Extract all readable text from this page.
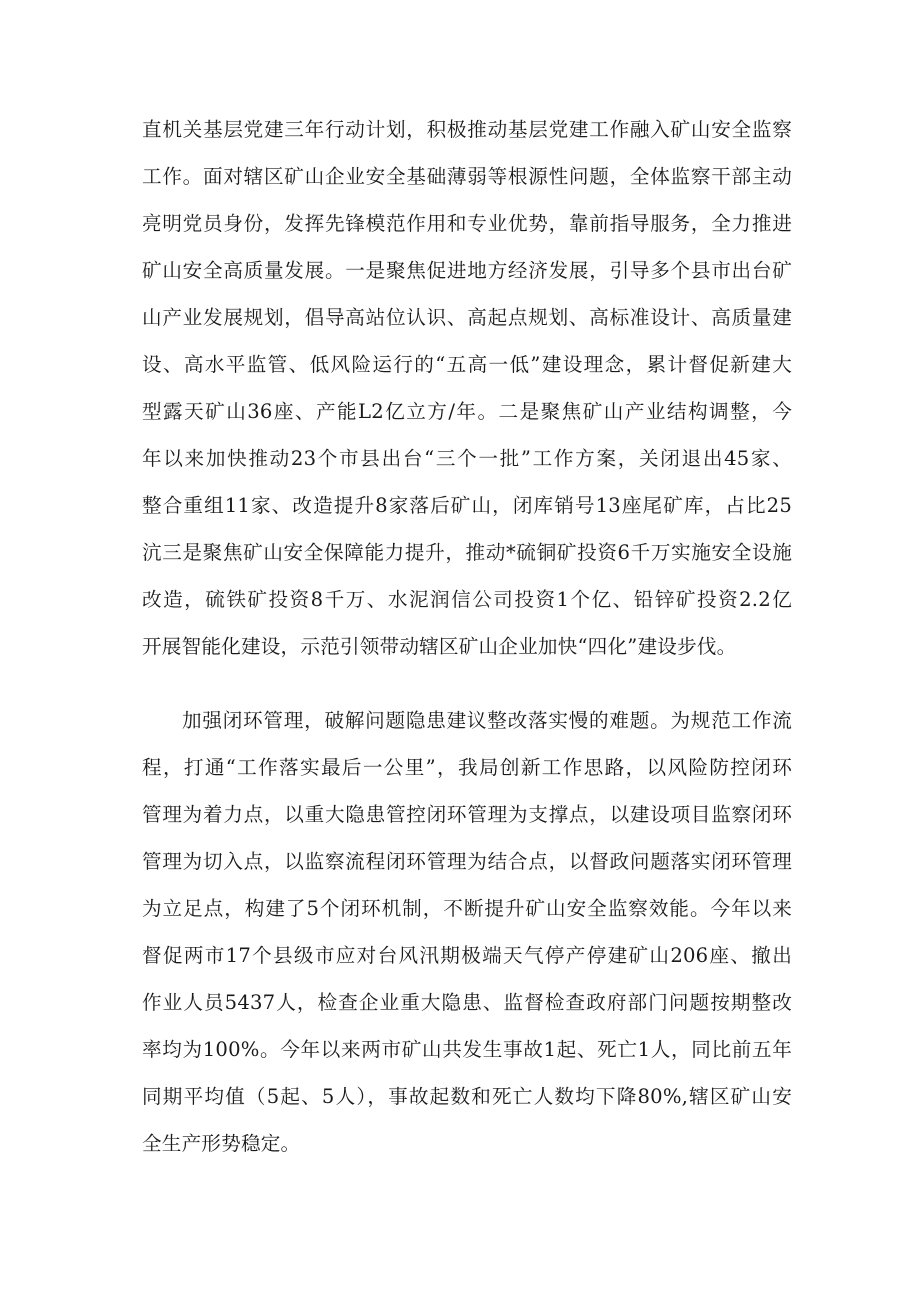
直机关基层党建三年行动计划，积极推动基层党建工作融入矿山安全监察
工作。面对辖区矿山企业安全基础薄弱等根源性问题，全体监察干部主动
亮明党员身份，发挥先锋模范作用和专业优势，靠前指导服务，全力推进
矿山安全高质量发展。一是聚焦促进地方经济发展，引导多个县市出台矿
山产业发展规划，倡导高站位认识、高起点规划、高标准设计、高质量建
设、高水平监管、低风险运行的“五高一低”建设理念，累计督促新建大
型露天矿山36座、产能L2亿立方/年。二是聚焦矿山产业结构调整，今
年以来加快推动23个市县出台“三个一批”工作方案，关闭退出45家、
整合重组11家、改造提升8家落后矿山，闭库销号13座尾矿库，占比25
沆三是聚焦矿山安全保障能力提升，推动*硫铜矿投资6千万实施安全设施
改造，硫铁矿投资8千万、水泥润信公司投资1个亿、铅锌矿投资2.2亿
开展智能化建设，示范引领带动辖区矿山企业加快“四化”建设步伐。

加强闭环管理，破解问题隐患建议整改落实慢的难题。为规范工作流
程，打通“工作落实最后一公里”，我局创新工作思路，以风险防控闭环
管理为着力点，以重大隐患管控闭环管理为支撑点，以建设项目监察闭环
管理为切入点，以监察流程闭环管理为结合点，以督政问题落实闭环管理
为立足点，构建了5个闭环机制，不断提升矿山安全监察效能。今年以来
督促两市17个县级市应对台风汛期极端天气停产停建矿山206座、撤出
作业人员5437人，检查企业重大隐患、监督检查政府部门问题按期整改
率均为100%。今年以来两市矿山共发生事故1起、死亡1人，同比前五年
同期平均值（5起、5人），事故起数和死亡人数均下降80%,辖区矿山安
全生产形势稳定。
